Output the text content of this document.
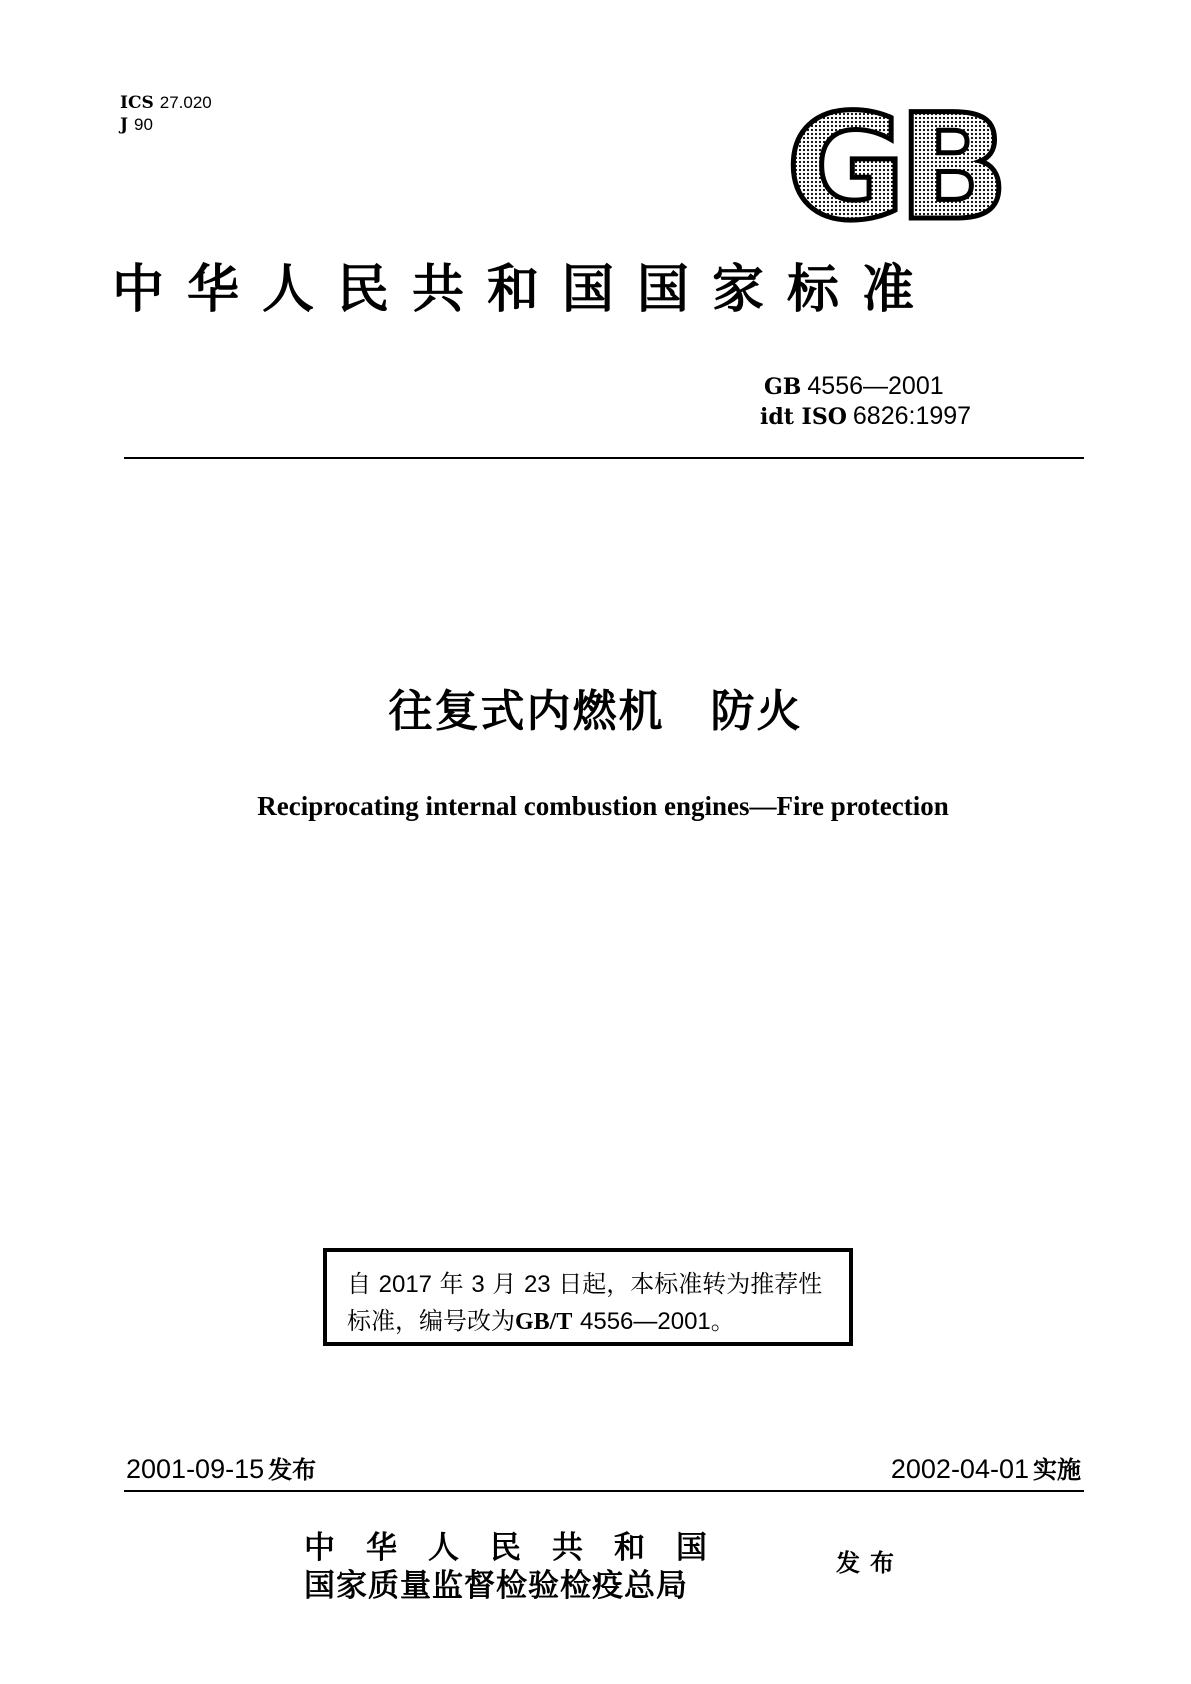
ICS 27.020
J 90	GB
中华人民共和国国家标准
GB 4556—2001
idt ISO 6826:1997
往复式内燃机　防火
Reciprocating internal combustion engines—Fire protection
自 2017 年 3 月 23 日起，本标准转为推荐性
标准，编号改为GB/T 4556—2001。
2001-09-15 发布	2002-04-01 实施
中华人民共和国
国家质量监督检验检疫总局
发布
